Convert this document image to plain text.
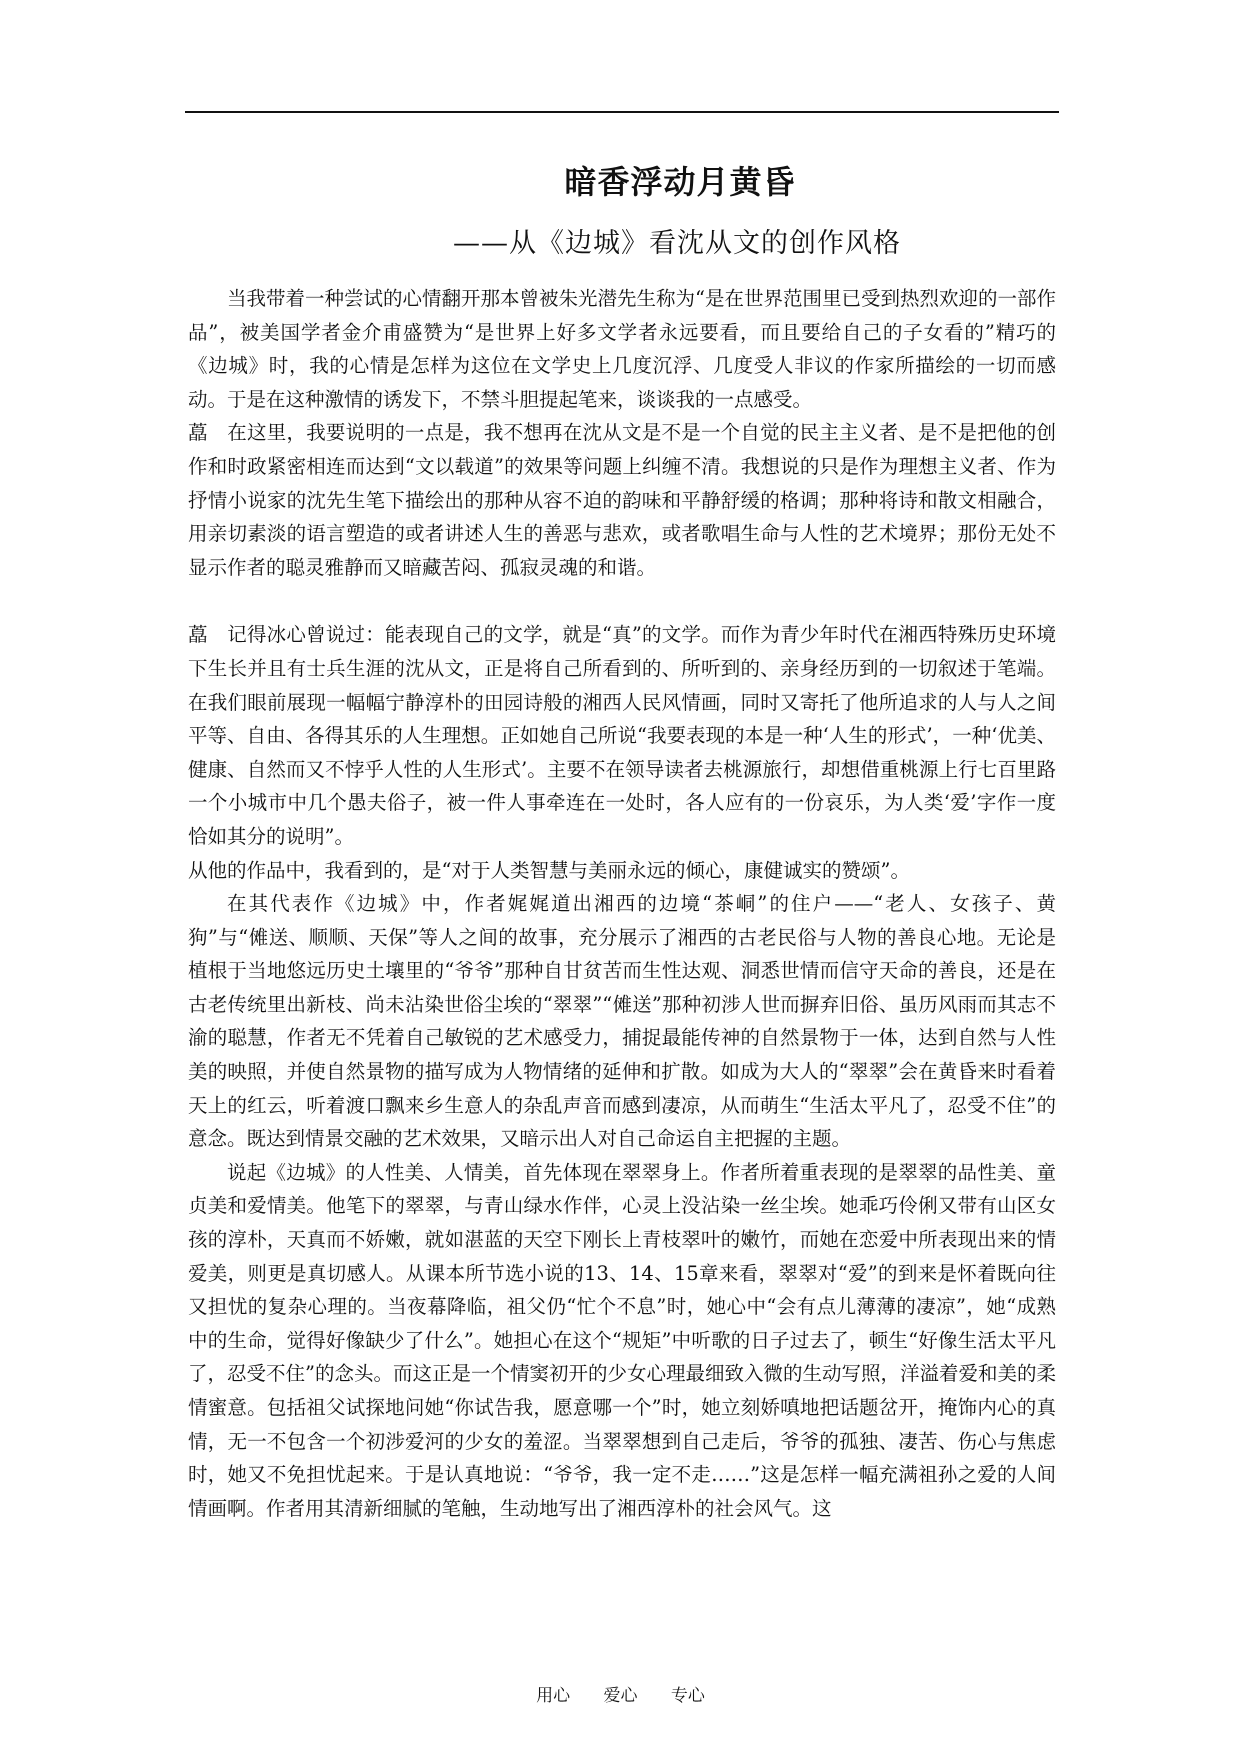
暗香浮动月黄昏
——从《边城》看沈从文的创作风格

当我带着一种尝试的心情翻开那本曾被朱光潜先生称为“是在世界范围里已受到热烈欢迎的一部作品”，被美国学者金介甫盛赞为“是世界上好多文学者永远要看，而且要给自己的子女看的”精巧的《边城》时，我的心情是怎样为这位在文学史上几度沉浮、几度受人非议的作家所描绘的一切而感动。于是在这种激情的诱发下，不禁斗胆提起笔来，谈谈我的一点感受。

藠 在这里，我要说明的一点是，我不想再在沈从文是不是一个自觉的民主主义者、是不是把他的创作和时政紧密相连而达到“文以载道”的效果等问题上纠缠不清。我想说的只是作为理想主义者、作为抒情小说家的沈先生笔下描绘出的那种从容不迫的韵味和平静舒缓的格调；那种将诗和散文相融合，用亲切素淡的语言塑造的或者讲述人生的善恶与悲欢，或者歌唱生命与人性的艺术境界；那份无处不显示作者的聪灵雅静而又暗藏苦闷、孤寂灵魂的和谐。

藠 记得冰心曾说过：能表现自己的文学，就是“真”的文学。而作为青少年时代在湘西特殊历史环境下生长并且有士兵生涯的沈从文，正是将自己所看到的、所听到的、亲身经历到的一切叙述于笔端。在我们眼前展现一幅幅宁静淳朴的田园诗般的湘西人民风情画，同时又寄托了他所追求的人与人之间平等、自由、各得其乐的人生理想。正如她自己所说“我要表现的本是一种‘人生的形式’，一种‘优美、健康、自然而又不悖乎人性的人生形式’。主要不在领导读者去桃源旅行，却想借重桃源上行七百里路一个小城市中几个愚夫俗子，被一件人事牵连在一处时，各人应有的一份哀乐，为人类‘爱’字作一度恰如其分的说明”。

从他的作品中，我看到的，是“对于人类智慧与美丽永远的倾心，康健诚实的赞颂”。

在其代表作《边城》中，作者娓娓道出湘西的边境“茶峒”的住户——“老人、女孩子、黄狗”与“傩送、顺顺、天保”等人之间的故事，充分展示了湘西的古老民俗与人物的善良心地。无论是植根于当地悠远历史土壤里的“爷爷”那种自甘贫苦而生性达观、洞悉世情而信守天命的善良，还是在古老传统里出新枝、尚未沾染世俗尘埃的“翠翠”“傩送”那种初涉人世而摒弃旧俗、虽历风雨而其志不渝的聪慧，作者无不凭着自己敏锐的艺术感受力，捕捉最能传神的自然景物于一体，达到自然与人性美的映照，并使自然景物的描写成为人物情绪的延伸和扩散。如成为大人的“翠翠”会在黄昏来时看着天上的红云，听着渡口飘来乡生意人的杂乱声音而感到凄凉，从而萌生“生活太平凡了，忍受不住”的意念。既达到情景交融的艺术效果，又暗示出人对自己命运自主把握的主题。

说起《边城》的人性美、人情美，首先体现在翠翠身上。作者所着重表现的是翠翠的品性美、童贞美和爱情美。他笔下的翠翠，与青山绿水作伴，心灵上没沾染一丝尘埃。她乖巧伶俐又带有山区女孩的淳朴，天真而不娇嫩，就如湛蓝的天空下刚长上青枝翠叶的嫩竹，而她在恋爱中所表现出来的情爱美，则更是真切感人。从课本所节选小说的13、14、15章来看，翠翠对“爱”的到来是怀着既向往又担忧的复杂心理的。当夜幕降临，祖父仍“忙个不息”时，她心中“会有点儿薄薄的凄凉”，她“成熟中的生命，觉得好像缺少了什么”。她担心在这个“规矩”中听歌的日子过去了，顿生“好像生活太平凡了，忍受不住”的念头。而这正是一个情窦初开的少女心理最细致入微的生动写照，洋溢着爱和美的柔情蜜意。包括祖父试探地问她“你试告我，愿意哪一个”时，她立刻娇嗔地把话题岔开，掩饰内心的真情，无一不包含一个初涉爱河的少女的羞涩。当翠翠想到自己走后，爷爷的孤独、凄苦、伤心与焦虑时，她又不免担忧起来。于是认真地说：“爷爷，我一定不走……”这是怎样一幅充满祖孙之爱的人间情画啊。作者用其清新细腻的笔触，生动地写出了湘西淳朴的社会风气。这

用心 爱心 专心
